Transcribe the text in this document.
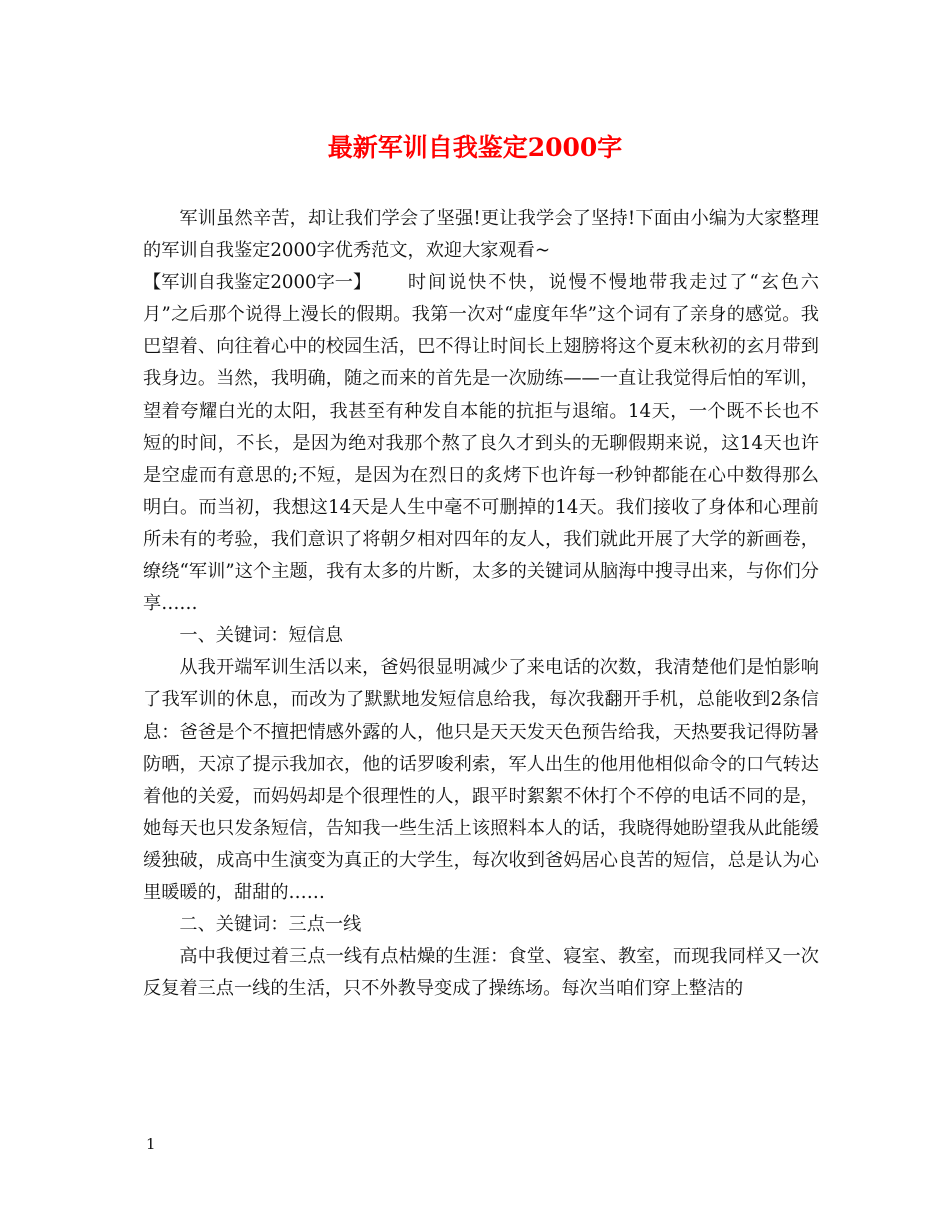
最新军训自我鉴定2000字

军训虽然辛苦，却让我们学会了坚强!更让我学会了坚持!下面由小编为大家整理的军训自我鉴定2000字优秀范文，欢迎大家观看~

【军训自我鉴定2000字一】 时间说快不快，说慢不慢地带我走过了“玄色六月”之后那个说得上漫长的假期。我第一次对“虚度年华”这个词有了亲身的感觉。我巴望着、向往着心中的校园生活，巴不得让时间长上翅膀将这个夏末秋初的玄月带到我身边。当然，我明确，随之而来的首先是一次励练——一直让我觉得后怕的军训，望着夸耀白光的太阳，我甚至有种发自本能的抗拒与退缩。14天，一个既不长也不短的时间，不长，是因为绝对我那个熬了良久才到头的无聊假期来说，这14天也许是空虚而有意思的;不短，是因为在烈日的炙烤下也许每一秒钟都能在心中数得那么明白。而当初，我想这14天是人生中毫不可删掉的14天。我们接收了身体和心理前所未有的考验，我们意识了将朝夕相对四年的友人，我们就此开展了大学的新画卷，缭绕“军训”这个主题，我有太多的片断，太多的关键词从脑海中搜寻出来，与你们分享……

一、关键词：短信息

从我开端军训生活以来，爸妈很显明减少了来电话的次数，我清楚他们是怕影响了我军训的休息，而改为了默默地发短信息给我，每次我翻开手机，总能收到2条信息：爸爸是个不擅把情感外露的人，他只是天天发天色预告给我，天热要我记得防暑防晒，天凉了提示我加衣，他的话罗唆利索，军人出生的他用他相似命令的口气转达着他的关爱，而妈妈却是个很理性的人，跟平时絮絮不休打个不停的电话不同的是，她每天也只发条短信，告知我一些生活上该照料本人的话，我晓得她盼望我从此能缓缓独破，成高中生演变为真正的大学生，每次收到爸妈居心良苦的短信，总是认为心里暖暖的，甜甜的……

二、关键词：三点一线

高中我便过着三点一线有点枯燥的生涯：食堂、寝室、教室，而现我同样又一次反复着三点一线的生活，只不外教导变成了操练场。每次当咱们穿上整洁的

1
